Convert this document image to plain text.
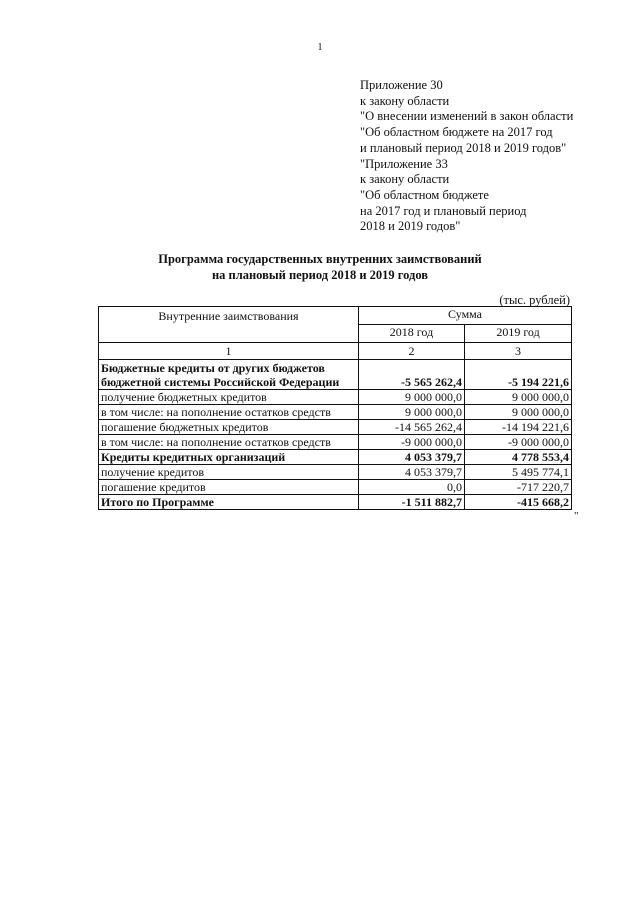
1
Приложение 30
к закону области
"О внесении изменений в закон области
"Об областном бюджете на 2017 год
и плановый период 2018 и 2019 годов"
"Приложение 33
к закону области
"Об областном бюджете
на 2017 год и плановый период
2018 и 2019 годов"
Программа государственных внутренних заимствований
на плановый период 2018 и 2019 годов
(тыс. рублей)
Внутренние заимствования	Сумма	
	2018 год	2019 год
1	2	3
Бюджетные кредиты от других бюджетов бюджетной системы Российской Федерации	-5 565 262,4	-5 194 221,6
получение бюджетных кредитов	9 000 000,0	9 000 000,0
в том числе: на пополнение остатков средств	9 000 000,0	9 000 000,0
погашение бюджетных кредитов	-14 565 262,4	-14 194 221,6
в том числе: на пополнение остатков средств	-9 000 000,0	-9 000 000,0
Кредиты кредитных организаций	4 053 379,7	4 778 553,4
получение кредитов	4 053 379,7	5 495 774,1
погашение кредитов	0,0	-717 220,7
Итого по Программе	-1 511 882,7	-415 668,2
"
